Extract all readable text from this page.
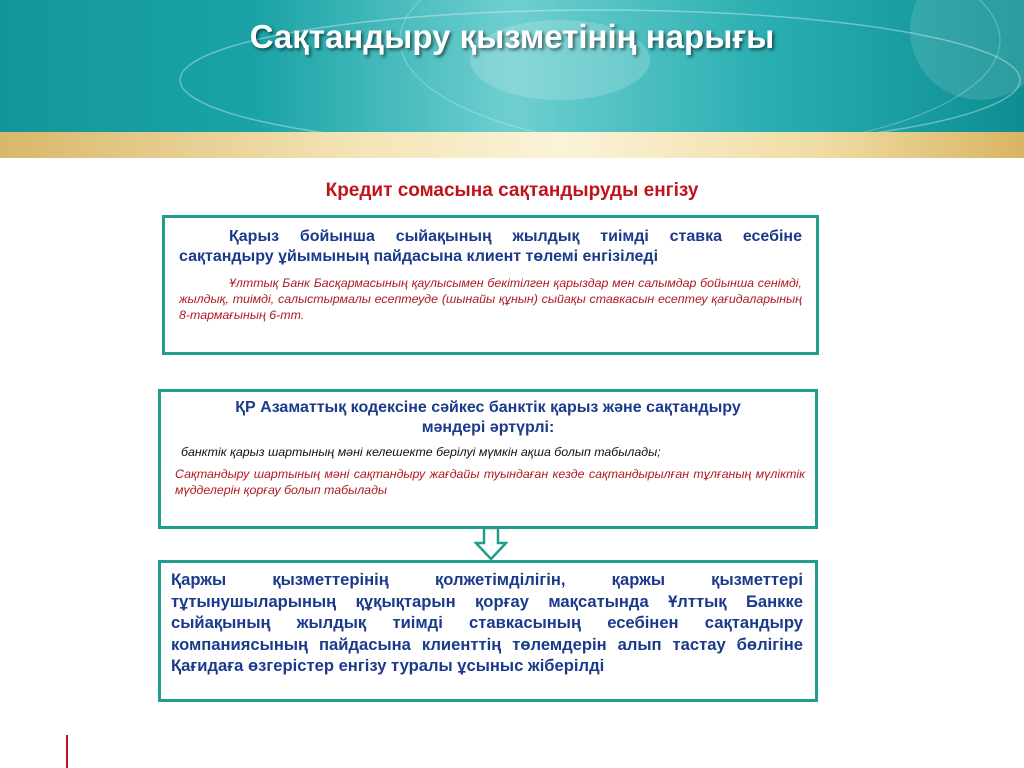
Сақтандыру қызметінің нарығы
Кредит сомасына сақтандыруды енгізу

Қарыз бойынша сыйақының жылдық тиімді ставка есебіне сақтандыру ұйымының пайдасына клиент төлемі енгізіледі

Ұлттық Банк Басқармасының қаулысымен бекітілген қарыздар мен салымдар бойынша сенімді, жылдық, тиімді, салыстырмалы есептеуде (шынайы құнын) сыйақы ставкасын есептеу қағидаларының 8-тармағының 6-тт.

ҚР Азаматтық кодексіне сәйкес банктік қарыз және сақтандыру мәндері әртүрлі:

банктік қарыз шартының мәні келешекте берілуі мүмкін ақша болып табылады;

Сақтандыру шартының мәні сақтандыру жағдайы туындаған кезде сақтандырылған тұлғаның мүліктік мүдделерін қорғау болып табылады

Қаржы қызметтерінің қолжетімділігін, қаржы қызметтері тұтынушыларының құқықтарын қорғау мақсатында Ұлттық Банкке сыйақының жылдық тиімді ставкасының есебінен сақтандыру компаниясының пайдасына клиенттің төлемдерін алып тастау бөлігіне Қағидаға өзгерістер енгізу туралы ұсыныс жіберілді
